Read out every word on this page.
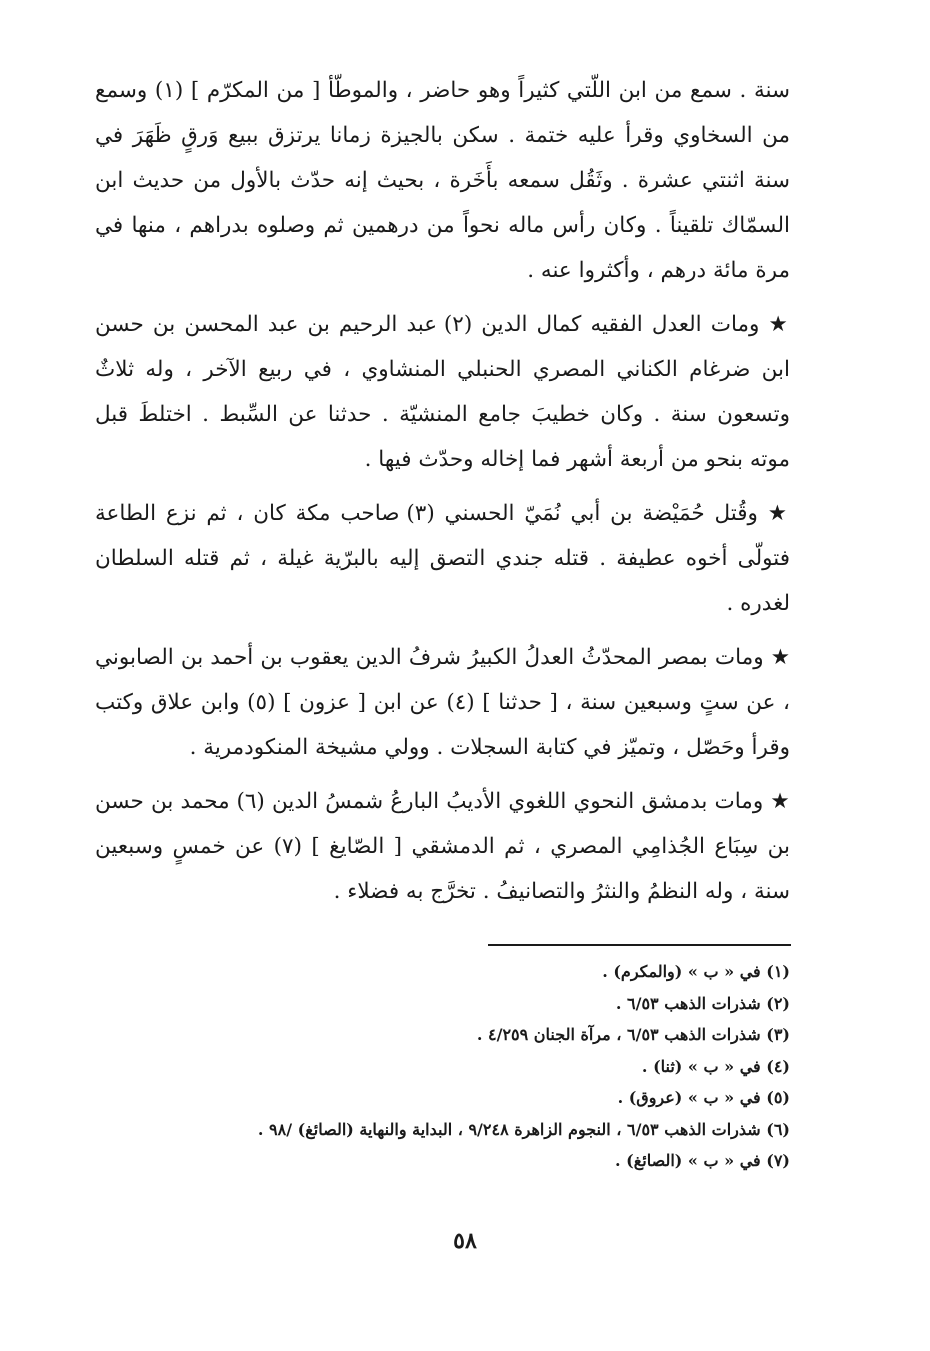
سنة . سمع من ابن اللّتي كثيراً وهو حاضر ، والموطّأ [ من المكرّم ] (١) وسمع من السخاوي وقرأ عليه ختمة . سكن بالجيزة زمانا يرتزق ببيع وَرقٍ ظَهَرَ في سنة اثنتي عشرة . وثَقُل سمعه بأَخَرة ، بحيث إنه حدّث بالأول من حديث ابن السمّاك تلقيناً . وكان رأس ماله نحواً من درهمين ثم وصلوه بدراهم ، منها في مرة مائة درهم ، وأكثروا عنه .

★ ومات العدل الفقيه كمال الدين (٢) عبد الرحيم بن عبد المحسن بن حسن ابن ضرغام الكناني المصري الحنبلي المنشاوي ، في ربيع الآخر ، وله ثلاثٌ وتسعون سنة . وكان خطيبَ جامع المنشيّة . حدثنا عن السِّبط . اختلطَ قبل موته بنحو من أربعة أشهر فما إخاله وحدّث فيها .

★ وقُتل حُمَيْضة بن أبي نُمَيّ الحسني (٣) صاحب مكة كان ، ثم نزع الطاعة فتولّى أخوه عطيفة . قتله جندي التصق إليه بالبرّية غيلة ، ثم قتله السلطان لغدره .

★ ومات بمصر المحدّثُ العدلُ الكبيرُ شرفُ الدين يعقوب بن أحمد بن الصابوني ، عن ستٍ وسبعين سنة ، [ حدثنا ] (٤) عن ابن [ عزون ] (٥) وابن علاق وكتب وقرأ وحَصّل ، وتميّز في كتابة السجلات . وولي مشيخة المنكودمرية .

★ ومات بدمشق النحوي اللغوي الأديبُ البارعُ شمسُ الدين (٦) محمد بن حسن بن سِبَاع الجُذامِي المصري ، ثم الدمشقي [ الصّايغ ] (٧) عن خمسٍ وسبعين سنة ، وله النظمُ والنثرُ والتصانيفُ . تخرَّج به فضلاء .

(١) في « ب » (والمكرم) .

(٢) شذرات الذهب ٦/٥٣ .

(٣) شذرات الذهب ٦/٥٣ ، مرآة الجنان ٤/٢٥٩ .

(٤) في « ب » (ثنا) .

(٥) في « ب » (عروق) .

(٦) شذرات الذهب ٦/٥٣ ، النجوم الزاهرة ٩/٢٤٨ ، البداية والنهاية (الصائغ) /٩٨ .

(٧) في « ب » (الصائغ) .

٥٨
